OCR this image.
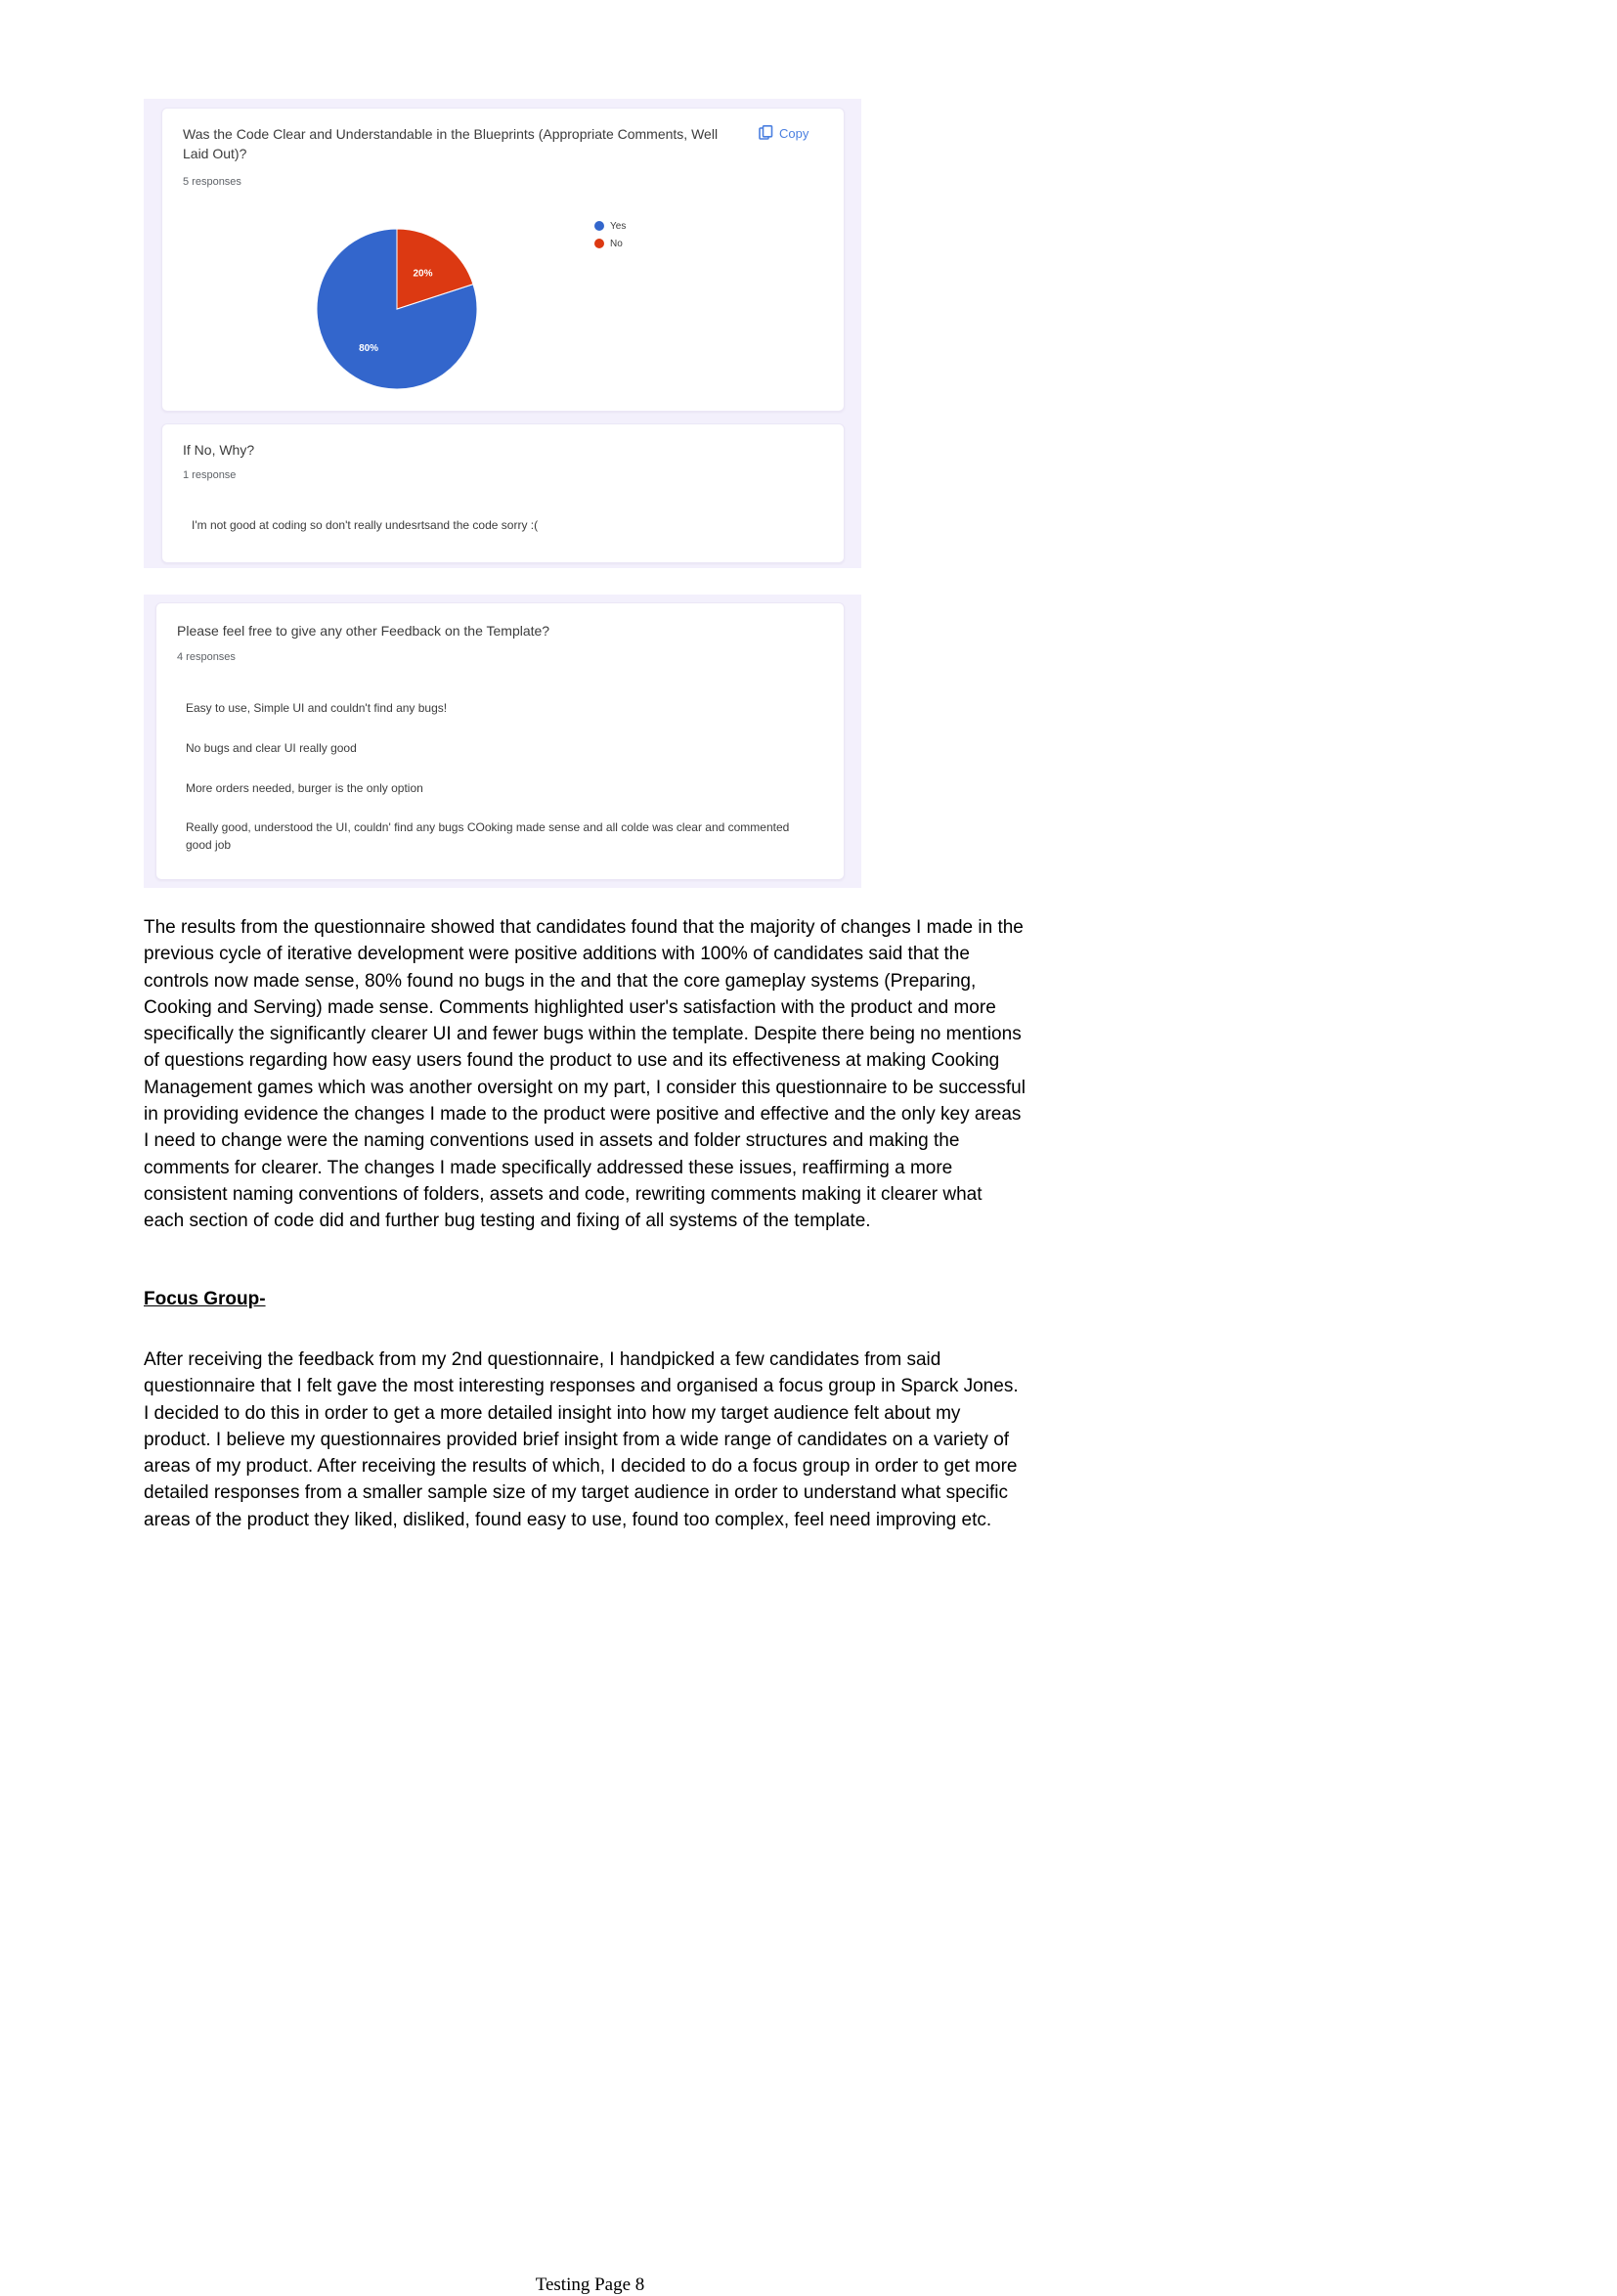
Was the Code Clear and Understandable in the Blueprints (Appropriate Comments, Well Laid Out)?
5 responses
Copy
80%
20%
Yes
No
If No, Why?
1 response
I'm not good at coding so don't really undesrtsand the code sorry :(
Please feel free to give any other Feedback on the Template?
4 responses
Easy to use, Simple UI and couldn't find any bugs!
No bugs and clear UI really good
More orders needed, burger is the only option
Really good, understood the UI, couldn' find any bugs COoking made sense and all colde was clear and commented good job
The results from the questionnaire showed that candidates found that the majority of changes I made in the previous cycle of iterative development were positive additions with 100% of candidates said that the controls now made sense, 80% found no bugs in the and that the core gameplay systems (Preparing, Cooking and Serving) made sense. Comments highlighted user's satisfaction with the product and more specifically the significantly clearer UI and fewer bugs within the template. Despite there being no mentions of questions regarding how easy users found the product to use and its effectiveness at making Cooking Management games which was another oversight on my part, I consider this questionnaire to be successful in providing evidence the changes I made to the product were positive and effective and the only key areas I need to change were the naming conventions used in assets and folder structures and making the comments for clearer. The changes I made specifically addressed these issues, reaffirming a more consistent naming conventions of folders, assets and code, rewriting comments making it clearer what each section of code did and further bug testing and fixing of all systems of the template.
Focus Group-
After receiving the feedback from my 2nd questionnaire, I handpicked a few candidates from said questionnaire that I felt gave the most interesting responses and organised a focus group in Sparck Jones. I decided to do this in order to get a more detailed insight into how my target audience felt about my product. I believe my questionnaires provided brief insight from a wide range of candidates on a variety of areas of my product. After receiving the results of which, I decided to do a focus group in order to get more detailed responses from a smaller sample size of my target audience in order to understand what specific areas of the product they liked, disliked, found easy to use, found too complex, feel need improving etc.
Testing Page 8
